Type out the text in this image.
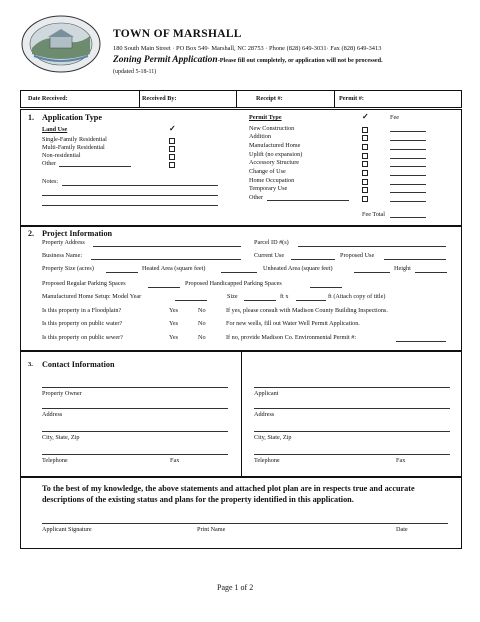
TOWN OF MARSHALL
180 South Main Street · PO Box 549· Marshall, NC 28753 · Phone (828) 649-3031· Fax (828) 649-3413
Zoning Permit Application-Please fill out completely, or application will not be processed.
(updated 5-18-11)
Date Received:	Received By:	Receipt #:	Permit #:
1. Application Type
Land Use	✓
Single-Family Residential
Multi-Family Residential
Non-residential
Other
Notes:
Permit Type	✓	Fee
New Construction
Addition
Manufactured Home
Uplift (no expansion)
Accessory Structure
Change of Use
Home Occupation
Temporary Use
Other
Fee Total
2. Project Information
Property Address	Parcel ID #(s)
Business Name:	Current Use	Proposed Use
Property Size (acres)	Heated Area (square feet)	Unheated Area (square feet)	Height
Proposed Regular Parking Spaces	Proposed Handicapped Parking Spaces
Manufactured Home Setup: Model Year	Size	ft x	ft (Attach copy of title)
Is this property in a Floodplain?	Yes	No	If yes, please consult with Madison County Building Inspections.
Is this property on public water?	Yes	No	For new wells, fill out Water Well Permit Application.
Is this property on public sewer?	Yes	No	If no, provide Madison Co. Environmental Permit #:
3. Contact Information
Property Owner
Address
City, State, Zip
Telephone	Fax
Applicant
Address
City, State, Zip
Telephone	Fax
To the best of my knowledge, the above statements and attached plot plan are in respects true and accurate descriptions of the existing status and plans for the property identified in this application.
Applicant Signature	Print Name	Date
Page 1 of 2
